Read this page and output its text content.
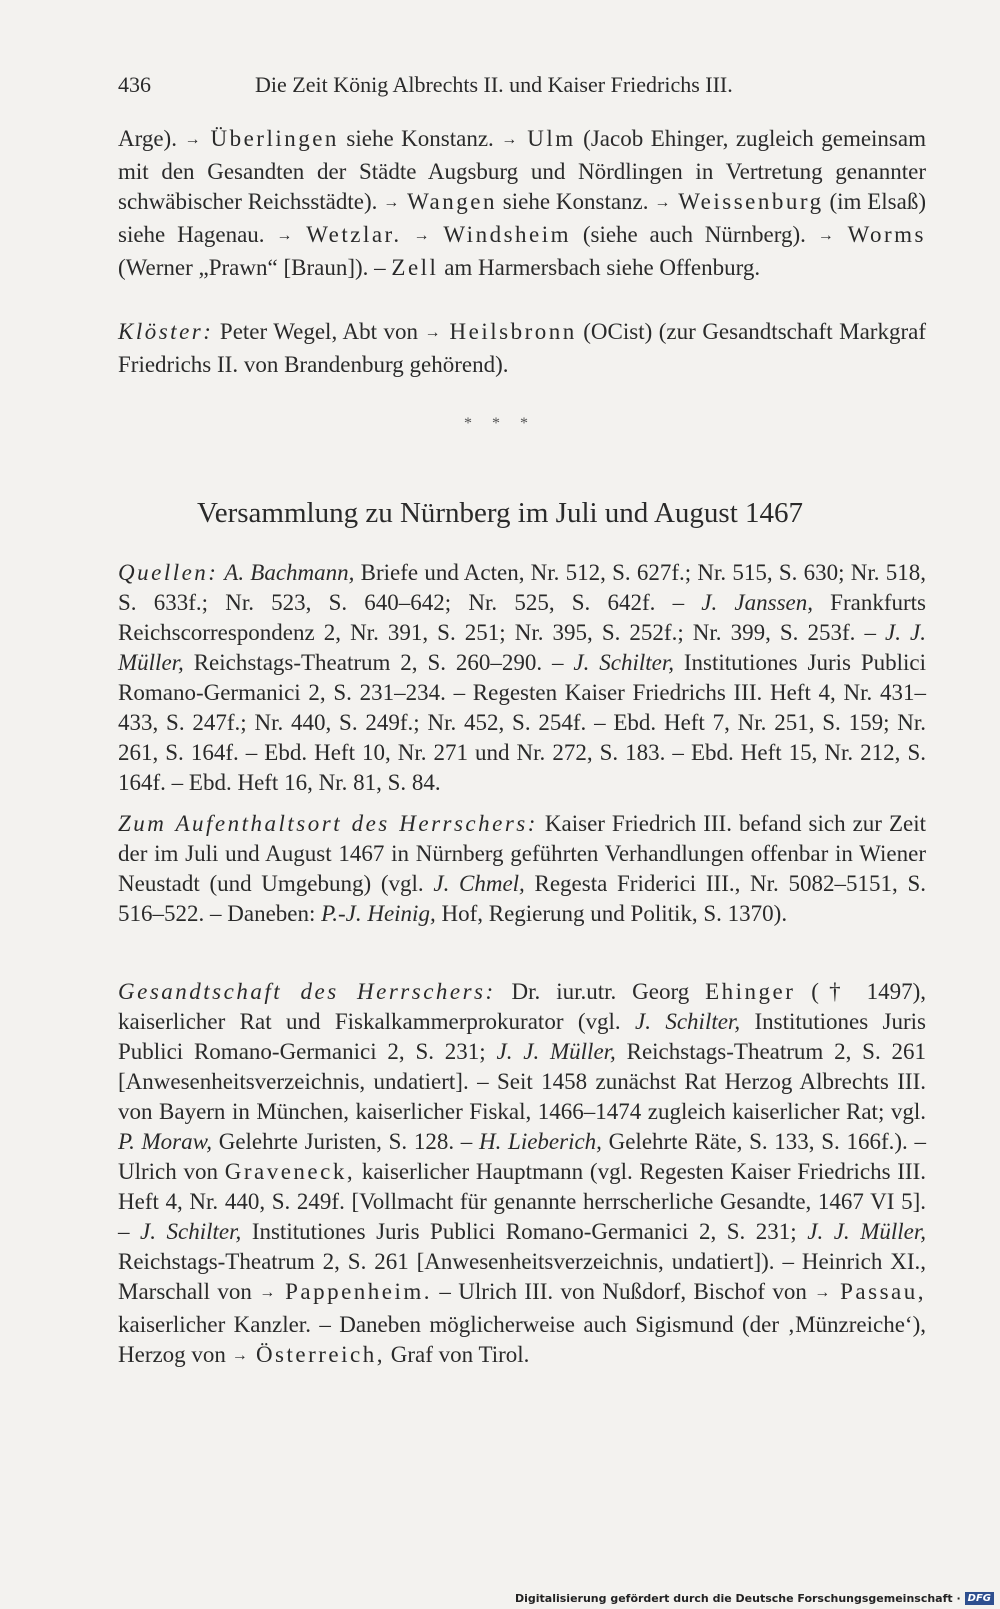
436	Die Zeit König Albrechts II. und Kaiser Friedrichs III.

Arge). → Überlingen siehe Konstanz. → Ulm (Jacob Ehinger, zugleich gemeinsam mit den Gesandten der Städte Augsburg und Nördlingen in Vertretung genannter schwäbischer Reichsstädte). → Wangen siehe Konstanz. → Weissenburg (im Elsaß) siehe Hagenau. → Wetzlar. → Windsheim (siehe auch Nürnberg). → Worms (Werner „Prawn“ [Braun]). – Zell am Harmersbach siehe Offenburg.

Klöster: Peter Wegel, Abt von → Heilsbronn (OCist) (zur Gesandtschaft Markgraf Friedrichs II. von Brandenburg gehörend).

* * *
Versammlung zu Nürnberg im Juli und August 1467

Quellen: A. Bachmann, Briefe und Acten, Nr. 512, S. 627f.; Nr. 515, S. 630; Nr. 518, S. 633f.; Nr. 523, S. 640–642; Nr. 525, S. 642f. – J. Janssen, Frankfurts Reichscorrespondenz 2, Nr. 391, S. 251; Nr. 395, S. 252f.; Nr. 399, S. 253f. – J. J. Müller, Reichstags-Theatrum 2, S. 260–290. – J. Schilter, Institutiones Juris Publici Romano-Germanici 2, S. 231–234. – Regesten Kaiser Friedrichs III. Heft 4, Nr. 431–433, S. 247f.; Nr. 440, S. 249f.; Nr. 452, S. 254f. – Ebd. Heft 7, Nr. 251, S. 159; Nr. 261, S. 164f. – Ebd. Heft 10, Nr. 271 und Nr. 272, S. 183. – Ebd. Heft 15, Nr. 212, S. 164f. – Ebd. Heft 16, Nr. 81, S. 84.

Zum Aufenthaltsort des Herrschers: Kaiser Friedrich III. befand sich zur Zeit der im Juli und August 1467 in Nürnberg geführten Verhandlungen offenbar in Wiener Neustadt (und Umgebung) (vgl. J. Chmel, Regesta Friderici III., Nr. 5082–5151, S. 516–522. – Daneben: P.-J. Heinig, Hof, Regierung und Politik, S. 1370).

Gesandtschaft des Herrschers: Dr. iur.utr. Georg Ehinger († 1497), kaiserlicher Rat und Fiskalkammerprokurator (vgl. J. Schilter, Institutiones Juris Publici Romano-Germanici 2, S. 231; J. J. Müller, Reichstags-Theatrum 2, S. 261 [Anwesenheitsverzeichnis, undatiert]. – Seit 1458 zunächst Rat Herzog Albrechts III. von Bayern in München, kaiserlicher Fiskal, 1466–1474 zugleich kaiserlicher Rat; vgl. P. Moraw, Gelehrte Juristen, S. 128. – H. Lieberich, Gelehrte Räte, S. 133, S. 166f.). – Ulrich von Graveneck, kaiserlicher Hauptmann (vgl. Regesten Kaiser Friedrichs III. Heft 4, Nr. 440, S. 249f. [Vollmacht für genannte herrscherliche Gesandte, 1467 VI 5]. – J. Schilter, Institutiones Juris Publici Romano-Germanici 2, S. 231; J. J. Müller, Reichstags-Theatrum 2, S. 261 [Anwesenheitsverzeichnis, undatiert]). – Heinrich XI., Marschall von → Pappenheim. – Ulrich III. von Nußdorf, Bischof von → Passau, kaiserlicher Kanzler. – Daneben möglicherweise auch Sigismund (der ‚Münzreiche‘), Herzog von → Österreich, Graf von Tirol.

Digitalisierung gefördert durch die Deutsche Forschungsgemeinschaft · DFG
